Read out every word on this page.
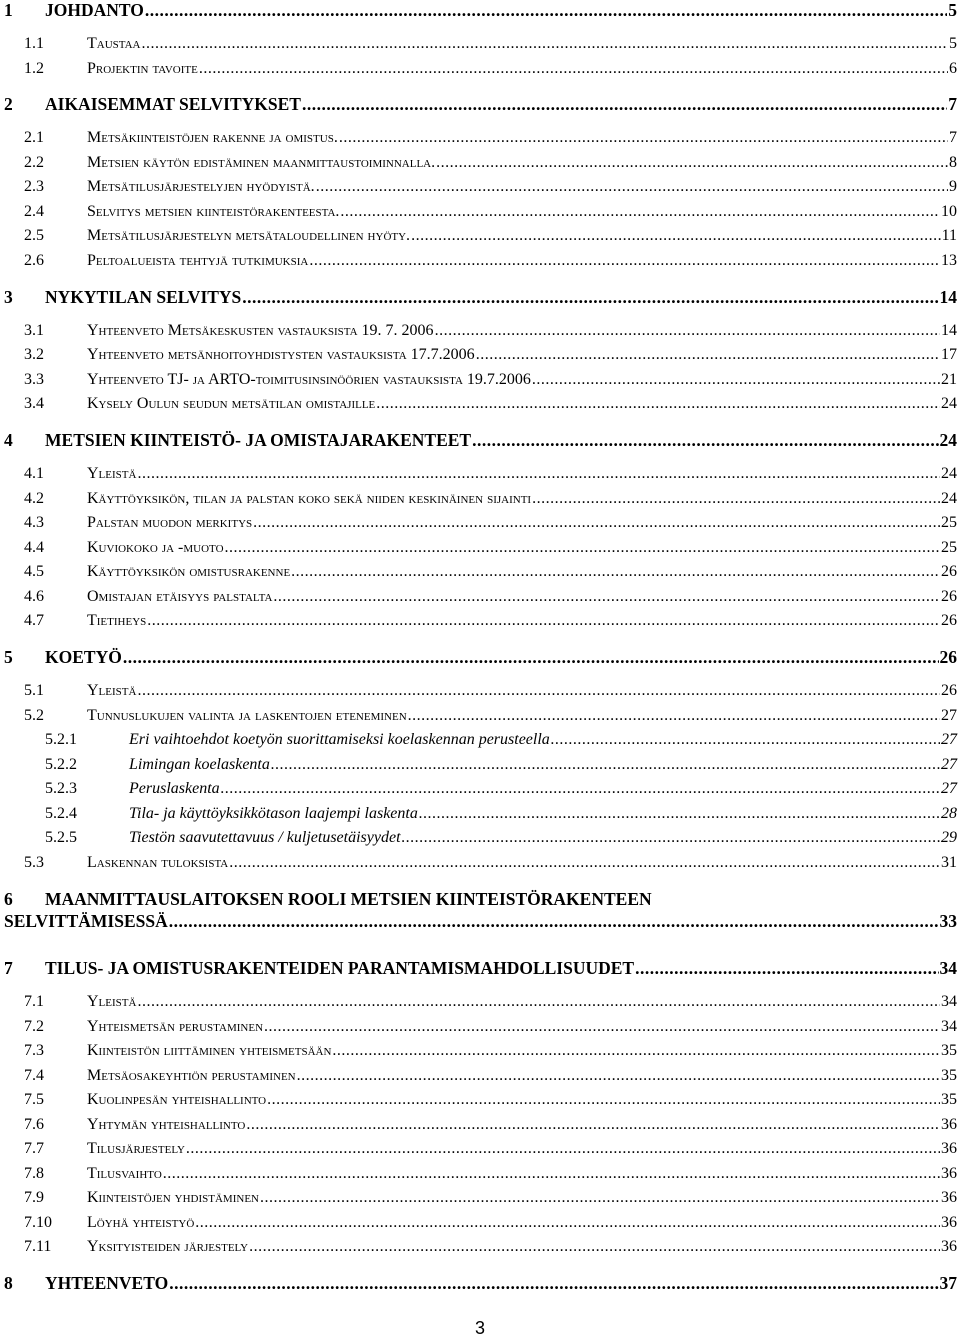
1	JOHDANTO .....	5
1.1	Taustaa .....	5
1.2	Projektin tavoite .....	6
2	AIKAISEMMAT SELVITYKSET .....	7
2.1	Metsäkiinteistöjen rakenne ja omistus. .....	7
2.2	Metsien käytön edistäminen maanmittaustoiminnalla. .....	8
2.3	Metsätilusjärjestelyjen hyödyistä. .....	9
2.4	Selvitys metsien kiinteistörakenteesta. .....	10
2.5	Metsätilusjärjestelyn metsätaloudellinen hyöty. .....	11
2.6	Peltoalueista tehtyjä tutkimuksia .....	13
3	NYKYTILAN SELVITYS .....	14
3.1	Yhteenveto Metsäkeskusten vastauksista 19. 7. 2006 .....	14
3.2	Yhteenveto metsänhoitoyhdistysten vastauksista 17.7.2006 .....	17
3.3	Yhteenveto TJ- ja ARTO-toimitusinsinöörien vastauksista 19.7.2006 .....	21
3.4	Kysely Oulun seudun metsätilan omistajille .....	24
4	METSIEN KIINTEISTÖ- JA OMISTAJARAKENTEET .....	24
4.1	Yleistä .....	24
4.2	Käyttöyksikön, tilan ja palstan koko sekä niiden keskinäinen sijainti .....	24
4.3	Palstan muodon merkitys .....	25
4.4	Kuviokoko ja -muoto .....	25
4.5	Käyttöyksikön omistusrakenne .....	26
4.6	Omistajan etäisyys palstalta .....	26
4.7	Tietiheys .....	26
5	KOETYÖ .....	26
5.1	Yleistä .....	26
5.2	Tunnuslukujen valinta ja laskentojen eteneminen .....	27
5.2.1	Eri vaihtoehdot koetyön suorittamiseksi koelaskennan perusteella .....	27
5.2.2	Limingan koelaskenta .....	27
5.2.3	Peruslaskenta .....	27
5.2.4	Tila- ja käyttöyksikkötason laajempi laskenta .....	28
5.2.5	Tiestön saavutettavuus / kuljetusetäisyydet .....	29
5.3	Laskennan tuloksista .....	31
6	MAANMITTAUSLAITOKSEN ROOLI METSIEN KIINTEISTÖRAKENTEEN
SELVITTÄMISESSÄ .....	33
7	TILUS- JA OMISTUSRAKENTEIDEN PARANTAMISMAHDOLLISUUDET .....	34
7.1	Yleistä .....	34
7.2	Yhteismetsän perustaminen .....	34
7.3	Kiinteistön liittäminen yhteismetsään .....	35
7.4	Metsäosakeyhtiön perustaminen .....	35
7.5	Kuolinpesän yhteishallinto .....	35
7.6	Yhtymän yhteishallinto .....	36
7.7	Tilusjärjestely .....	36
7.8	Tilusvaihto .....	36
7.9	Kiinteistöjen yhdistäminen .....	36
7.10	Löyhä yhteistyö .....	36
7.11	Yksityisteiden järjestely .....	36
8	YHTEENVETO .....	37
3
